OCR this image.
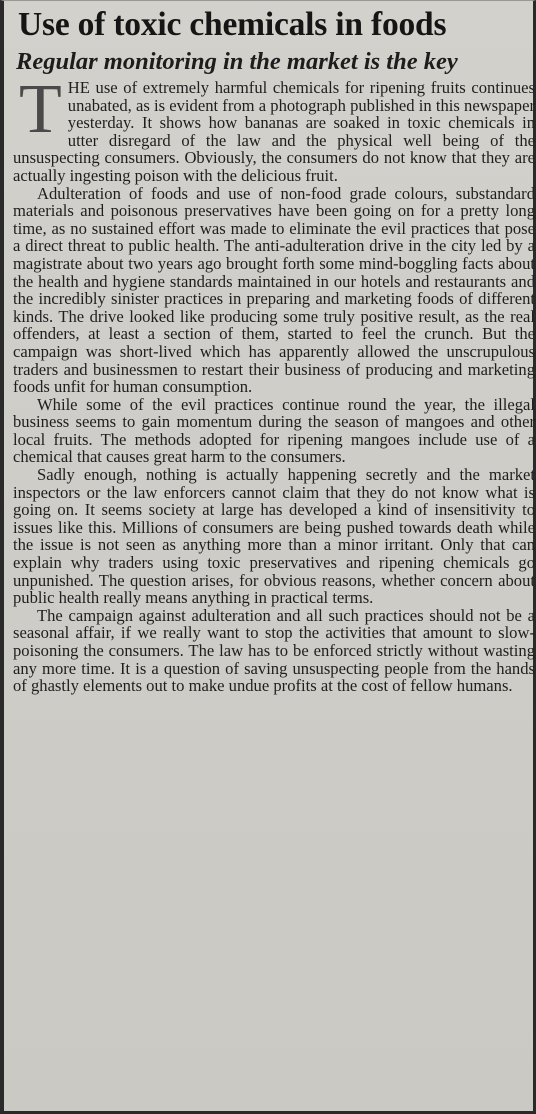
Use of toxic chemicals in foods
Regular monitoring in the market is the key

THE use of extremely harmful chemicals for ripening fruits continues unabated, as is evident from a photograph published in this newspaper yesterday. It shows how bananas are soaked in toxic chemicals in utter disregard of the law and the physical well being of the unsuspecting consumers. Obviously, the consumers do not know that they are actually ingesting poison with the delicious fruit.

Adulteration of foods and use of non-food grade colours, substandard materials and poisonous preservatives have been going on for a pretty long time, as no sustained effort was made to eliminate the evil practices that pose a direct threat to public health. The anti-adulteration drive in the city led by a magistrate about two years ago brought forth some mind-boggling facts about the health and hygiene standards maintained in our hotels and restaurants and the incredibly sinister practices in preparing and marketing foods of different kinds. The drive looked like producing some truly positive result, as the real offenders, at least a section of them, started to feel the crunch. But the campaign was short-lived which has apparently allowed the unscrupulous traders and businessmen to restart their business of producing and marketing foods unfit for human consumption.

While some of the evil practices continue round the year, the illegal business seems to gain momentum during the season of mangoes and other local fruits. The methods adopted for ripening mangoes include use of a chemical that causes great harm to the consumers.

Sadly enough, nothing is actually happening secretly and the market inspectors or the law enforcers cannot claim that they do not know what is going on. It seems society at large has developed a kind of insensitivity to issues like this. Millions of consumers are being pushed towards death while the issue is not seen as anything more than a minor irritant. Only that can explain why traders using toxic preservatives and ripening chemicals go unpunished. The question arises, for obvious reasons, whether concern about public health really means anything in practical terms.

The campaign against adulteration and all such practices should not be a seasonal affair, if we really want to stop the activities that amount to slow-poisoning the consumers. The law has to be enforced strictly without wasting any more time. It is a question of saving unsuspecting people from the hands of ghastly elements out to make undue profits at the cost of fellow humans.
